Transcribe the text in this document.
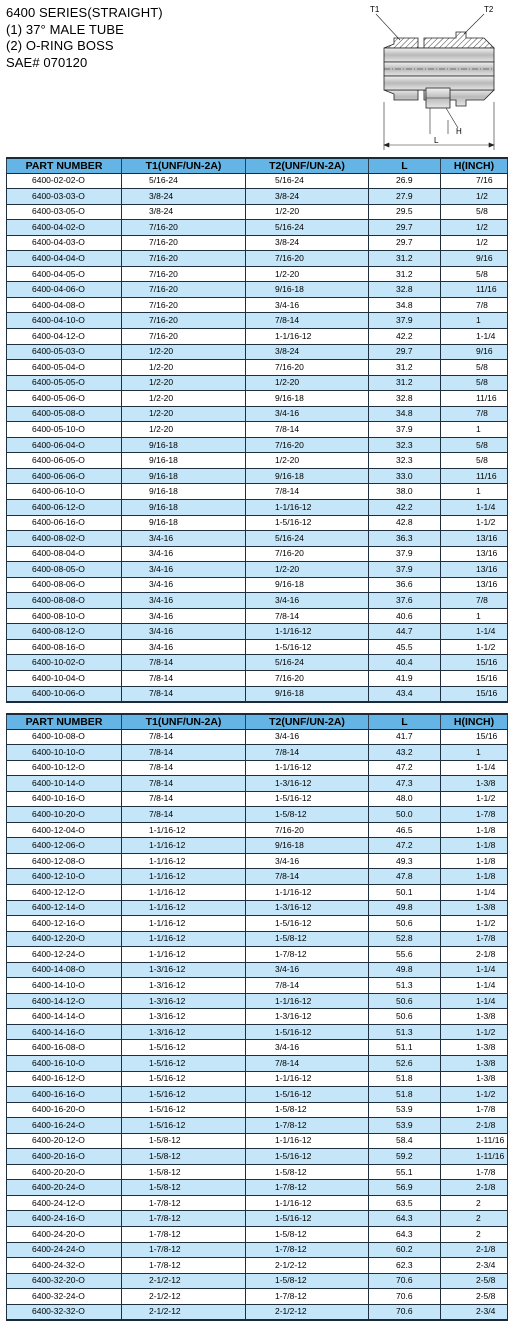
6400 SERIES(STRAIGHT)
(1) 37° MALE TUBE
(2) O-RING BOSS
SAE# 070120
T1	T2
H
L
PART NUMBER	T1(UNF/UN-2A)	T2(UNF/UN-2A)	L	H(INCH)
6400-02-02-O	5/16-24	5/16-24	26.9	7/16
6400-03-03-O	3/8-24	3/8-24	27.9	1/2
6400-03-05-O	3/8-24	1/2-20	29.5	5/8
6400-04-02-O	7/16-20	5/16-24	29.7	1/2
6400-04-03-O	7/16-20	3/8-24	29.7	1/2
6400-04-04-O	7/16-20	7/16-20	31.2	9/16
6400-04-05-O	7/16-20	1/2-20	31.2	5/8
6400-04-06-O	7/16-20	9/16-18	32.8	11/16
6400-04-08-O	7/16-20	3/4-16	34.8	7/8
6400-04-10-O	7/16-20	7/8-14	37.9	1
6400-04-12-O	7/16-20	1-1/16-12	42.2	1-1/4
6400-05-03-O	1/2-20	3/8-24	29.7	9/16
6400-05-04-O	1/2-20	7/16-20	31.2	5/8
6400-05-05-O	1/2-20	1/2-20	31.2	5/8
6400-05-06-O	1/2-20	9/16-18	32.8	11/16
6400-05-08-O	1/2-20	3/4-16	34.8	7/8
6400-05-10-O	1/2-20	7/8-14	37.9	1
6400-06-04-O	9/16-18	7/16-20	32.3	5/8
6400-06-05-O	9/16-18	1/2-20	32.3	5/8
6400-06-06-O	9/16-18	9/16-18	33.0	11/16
6400-06-10-O	9/16-18	7/8-14	38.0	1
6400-06-12-O	9/16-18	1-1/16-12	42.2	1-1/4
6400-06-16-O	9/16-18	1-5/16-12	42.8	1-1/2
6400-08-02-O	3/4-16	5/16-24	36.3	13/16
6400-08-04-O	3/4-16	7/16-20	37.9	13/16
6400-08-05-O	3/4-16	1/2-20	37.9	13/16
6400-08-06-O	3/4-16	9/16-18	36.6	13/16
6400-08-08-O	3/4-16	3/4-16	37.6	7/8
6400-08-10-O	3/4-16	7/8-14	40.6	1
6400-08-12-O	3/4-16	1-1/16-12	44.7	1-1/4
6400-08-16-O	3/4-16	1-5/16-12	45.5	1-1/2
6400-10-02-O	7/8-14	5/16-24	40.4	15/16
6400-10-04-O	7/8-14	7/16-20	41.9	15/16
6400-10-06-O	7/8-14	9/16-18	43.4	15/16
PART NUMBER	T1(UNF/UN-2A)	T2(UNF/UN-2A)	L	H(INCH)
6400-10-08-O	7/8-14	3/4-16	41.7	15/16
6400-10-10-O	7/8-14	7/8-14	43.2	1
6400-10-12-O	7/8-14	1-1/16-12	47.2	1-1/4
6400-10-14-O	7/8-14	1-3/16-12	47.3	1-3/8
6400-10-16-O	7/8-14	1-5/16-12	48.0	1-1/2
6400-10-20-O	7/8-14	1-5/8-12	50.0	1-7/8
6400-12-04-O	1-1/16-12	7/16-20	46.5	1-1/8
6400-12-06-O	1-1/16-12	9/16-18	47.2	1-1/8
6400-12-08-O	1-1/16-12	3/4-16	49.3	1-1/8
6400-12-10-O	1-1/16-12	7/8-14	47.8	1-1/8
6400-12-12-O	1-1/16-12	1-1/16-12	50.1	1-1/4
6400-12-14-O	1-1/16-12	1-3/16-12	49.8	1-3/8
6400-12-16-O	1-1/16-12	1-5/16-12	50.6	1-1/2
6400-12-20-O	1-1/16-12	1-5/8-12	52.8	1-7/8
6400-12-24-O	1-1/16-12	1-7/8-12	55.6	2-1/8
6400-14-08-O	1-3/16-12	3/4-16	49.8	1-1/4
6400-14-10-O	1-3/16-12	7/8-14	51.3	1-1/4
6400-14-12-O	1-3/16-12	1-1/16-12	50.6	1-1/4
6400-14-14-O	1-3/16-12	1-3/16-12	50.6	1-3/8
6400-14-16-O	1-3/16-12	1-5/16-12	51.3	1-1/2
6400-16-08-O	1-5/16-12	3/4-16	51.1	1-3/8
6400-16-10-O	1-5/16-12	7/8-14	52.6	1-3/8
6400-16-12-O	1-5/16-12	1-1/16-12	51.8	1-3/8
6400-16-16-O	1-5/16-12	1-5/16-12	51.8	1-1/2
6400-16-20-O	1-5/16-12	1-5/8-12	53.9	1-7/8
6400-16-24-O	1-5/16-12	1-7/8-12	53.9	2-1/8
6400-20-12-O	1-5/8-12	1-1/16-12	58.4	1-11/16
6400-20-16-O	1-5/8-12	1-5/16-12	59.2	1-11/16
6400-20-20-O	1-5/8-12	1-5/8-12	55.1	1-7/8
6400-20-24-O	1-5/8-12	1-7/8-12	56.9	2-1/8
6400-24-12-O	1-7/8-12	1-1/16-12	63.5	2
6400-24-16-O	1-7/8-12	1-5/16-12	64.3	2
6400-24-20-O	1-7/8-12	1-5/8-12	64.3	2
6400-24-24-O	1-7/8-12	1-7/8-12	60.2	2-1/8
6400-24-32-O	1-7/8-12	2-1/2-12	62.3	2-3/4
6400-32-20-O	2-1/2-12	1-5/8-12	70.6	2-5/8
6400-32-24-O	2-1/2-12	1-7/8-12	70.6	2-5/8
6400-32-32-O	2-1/2-12	2-1/2-12	70.6	2-3/4
